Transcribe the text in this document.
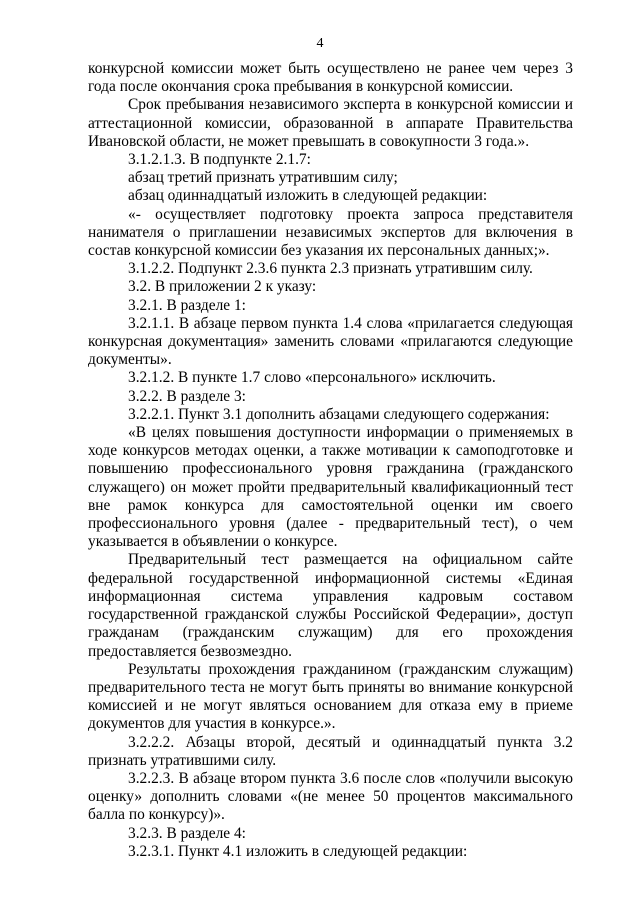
4

конкурсной комиссии может быть осуществлено не ранее чем через 3 года после окончания срока пребывания в конкурсной комиссии.

Срок пребывания независимого эксперта в конкурсной комиссии и аттестационной комиссии, образованной в аппарате Правительства Ивановской области, не может превышать в совокупности 3 года.».

3.1.2.1.3. В подпункте 2.1.7:

абзац третий признать утратившим силу;

абзац одиннадцатый изложить в следующей редакции:

«- осуществляет подготовку проекта запроса представителя нанимателя о приглашении независимых экспертов для включения в состав конкурсной комиссии без указания их персональных данных;».

3.1.2.2. Подпункт 2.3.6 пункта 2.3 признать утратившим силу.

3.2. В приложении 2 к указу:

3.2.1. В разделе 1:

3.2.1.1. В абзаце первом пункта 1.4 слова «прилагается следующая конкурсная документация» заменить словами «прилагаются следующие документы».

3.2.1.2. В пункте 1.7 слово «персонального» исключить.

3.2.2. В разделе 3:

3.2.2.1. Пункт 3.1 дополнить абзацами следующего содержания:

«В целях повышения доступности информации о применяемых в ходе конкурсов методах оценки, а также мотивации к самоподготовке и повышению профессионального уровня гражданина (гражданского служащего) он может пройти предварительный квалификационный тест вне рамок конкурса для самостоятельной оценки им своего профессионального уровня (далее - предварительный тест), о чем указывается в объявлении о конкурсе.

Предварительный тест размещается на официальном сайте федеральной государственной информационной системы «Единая информационная система управления кадровым составом государственной гражданской службы Российской Федерации», доступ гражданам (гражданским служащим) для его прохождения предоставляется безвозмездно.

Результаты прохождения гражданином (гражданским служащим) предварительного теста не могут быть приняты во внимание конкурсной комиссией и не могут являться основанием для отказа ему в приеме документов для участия в конкурсе.».

3.2.2.2. Абзацы второй, десятый и одиннадцатый пункта 3.2 признать утратившими силу.

3.2.2.3. В абзаце втором пункта 3.6 после слов «получили высокую оценку» дополнить словами «(не менее 50 процентов максимального балла по конкурсу)».

3.2.3. В разделе 4:

3.2.3.1. Пункт 4.1 изложить в следующей редакции:
